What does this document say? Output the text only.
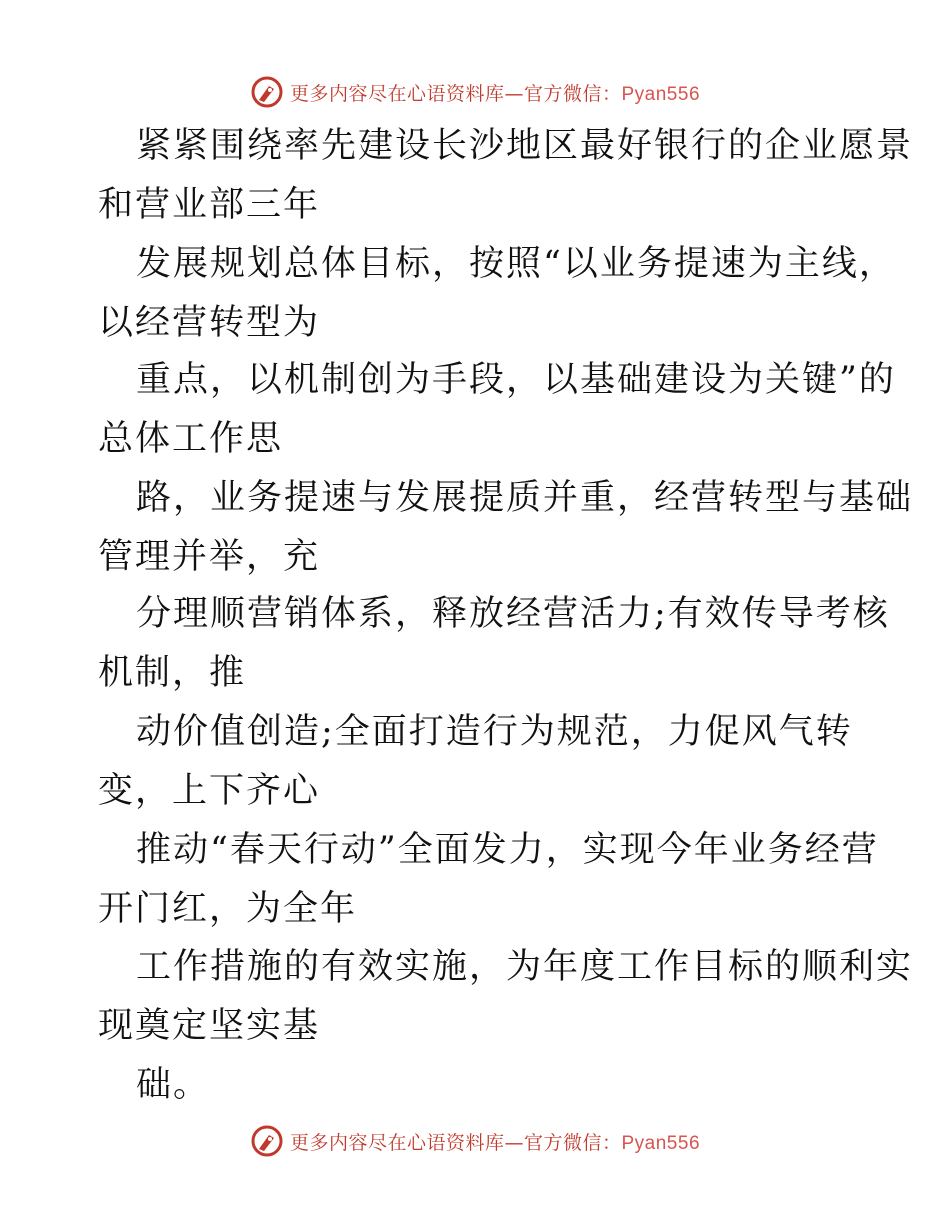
更多内容尽在心语资料库—官方微信：Pyan556
紧紧围绕率先建设长沙地区最好银行的企业愿景
和营业部三年
发展规划总体目标，按照“以业务提速为主线，
以经营转型为
重点，以机制创为手段，以基础建设为关键”的
总体工作思
路，业务提速与发展提质并重，经营转型与基础
管理并举，充
分理顺营销体系，释放经营活力;有效传导考核
机制，推
动价值创造;全面打造行为规范，力促风气转
变，上下齐心
推动“春天行动”全面发力，实现今年业务经营
开门红，为全年
工作措施的有效实施，为年度工作目标的顺利实
现奠定坚实基
础。
更多内容尽在心语资料库—官方微信：Pyan556
